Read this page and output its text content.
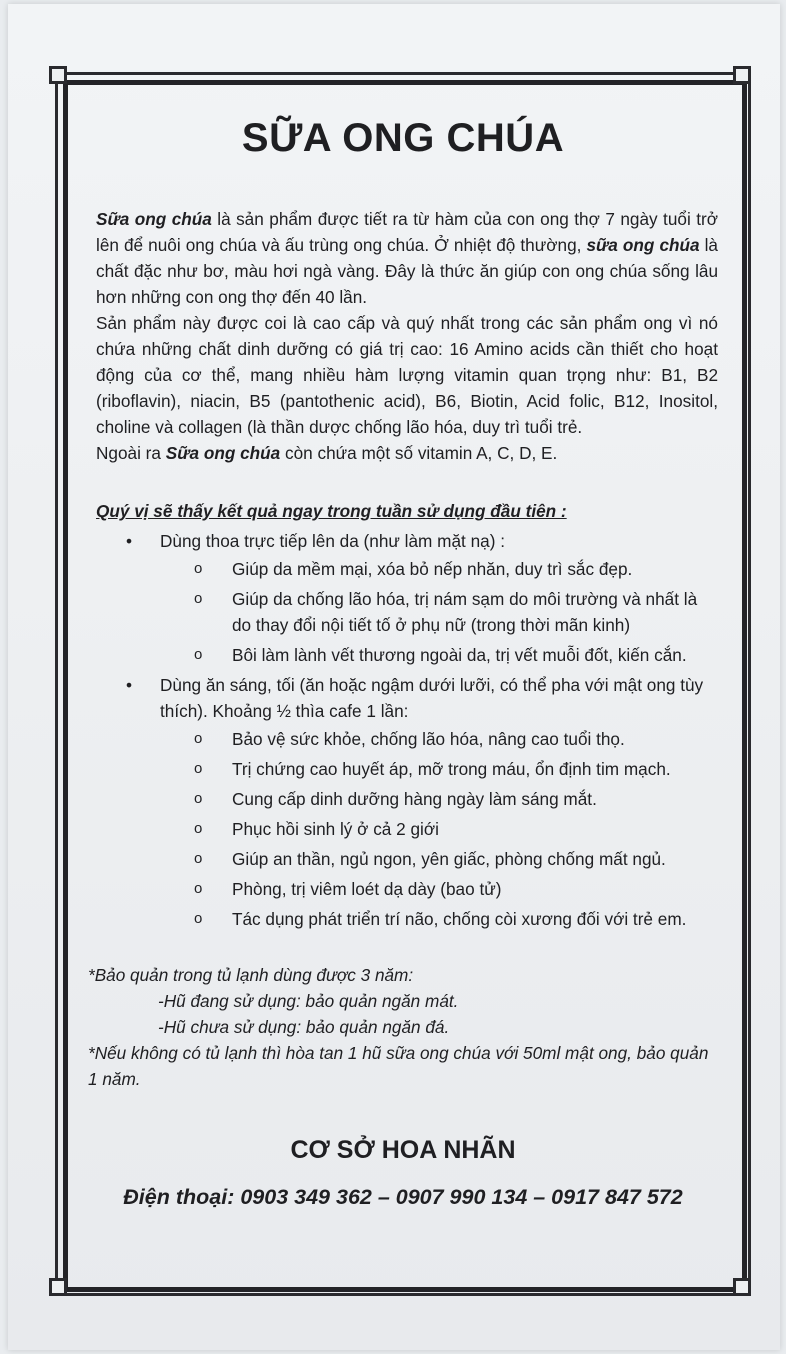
SỮA ONG CHÚA

Sữa ong chúa là sản phẩm được tiết ra từ hàm của con ong thợ 7 ngày tuổi trở lên để nuôi ong chúa và ấu trùng ong chúa. Ở nhiệt độ thường, sữa ong chúa là chất đặc như bơ, màu hơi ngà vàng. Đây là thức ăn giúp con ong chúa sống lâu hơn những con ong thợ đến 40 lần.

Sản phẩm này được coi là cao cấp và quý nhất trong các sản phẩm ong vì nó chứa những chất dinh dưỡng có giá trị cao: 16 Amino acids cần thiết cho hoạt động của cơ thể, mang nhiều hàm lượng vitamin quan trọng như: B1, B2 (riboflavin), niacin, B5 (pantothenic acid), B6, Biotin, Acid folic, B12, Inositol, choline và collagen (là thần dược chống lão hóa, duy trì tuổi trẻ.

Ngoài ra Sữa ong chúa còn chứa một số vitamin A, C, D, E.

Quý vị sẽ thấy kết quả ngay trong tuần sử dụng đầu tiên :
• Dùng thoa trực tiếp lên da (như làm mặt nạ) :
o Giúp da mềm mại, xóa bỏ nếp nhăn, duy trì sắc đẹp.
o Giúp da chống lão hóa, trị nám sạm do môi trường và nhất là do thay đổi nội tiết tố ở phụ nữ (trong thời mãn kinh)
o Bôi làm lành vết thương ngoài da, trị vết muỗi đốt, kiến cắn.
• Dùng ăn sáng, tối (ăn hoặc ngậm dưới lưỡi, có thể pha với mật ong tùy thích). Khoảng ½ thìa cafe 1 lần:
o Bảo vệ sức khỏe, chống lão hóa, nâng cao tuổi thọ.
o Trị chứng cao huyết áp, mỡ trong máu, ổn định tim mạch.
o Cung cấp dinh dưỡng hàng ngày làm sáng mắt.
o Phục hồi sinh lý ở cả 2 giới
o Giúp an thần, ngủ ngon, yên giấc, phòng chống mất ngủ.
o Phòng, trị viêm loét dạ dày (bao tử)
o Tác dụng phát triển trí não, chống còi xương đối với trẻ em.
*Bảo quản trong tủ lạnh dùng được 3 năm:
-Hũ đang sử dụng: bảo quản ngăn mát.
-Hũ chưa sử dụng: bảo quản ngăn đá.
*Nếu không có tủ lạnh thì hòa tan 1 hũ sữa ong chúa với 50ml mật ong, bảo quản 1 năm.
CƠ SỞ HOA NHÃN
Điện thoại: 0903 349 362 – 0907 990 134 – 0917 847 572
